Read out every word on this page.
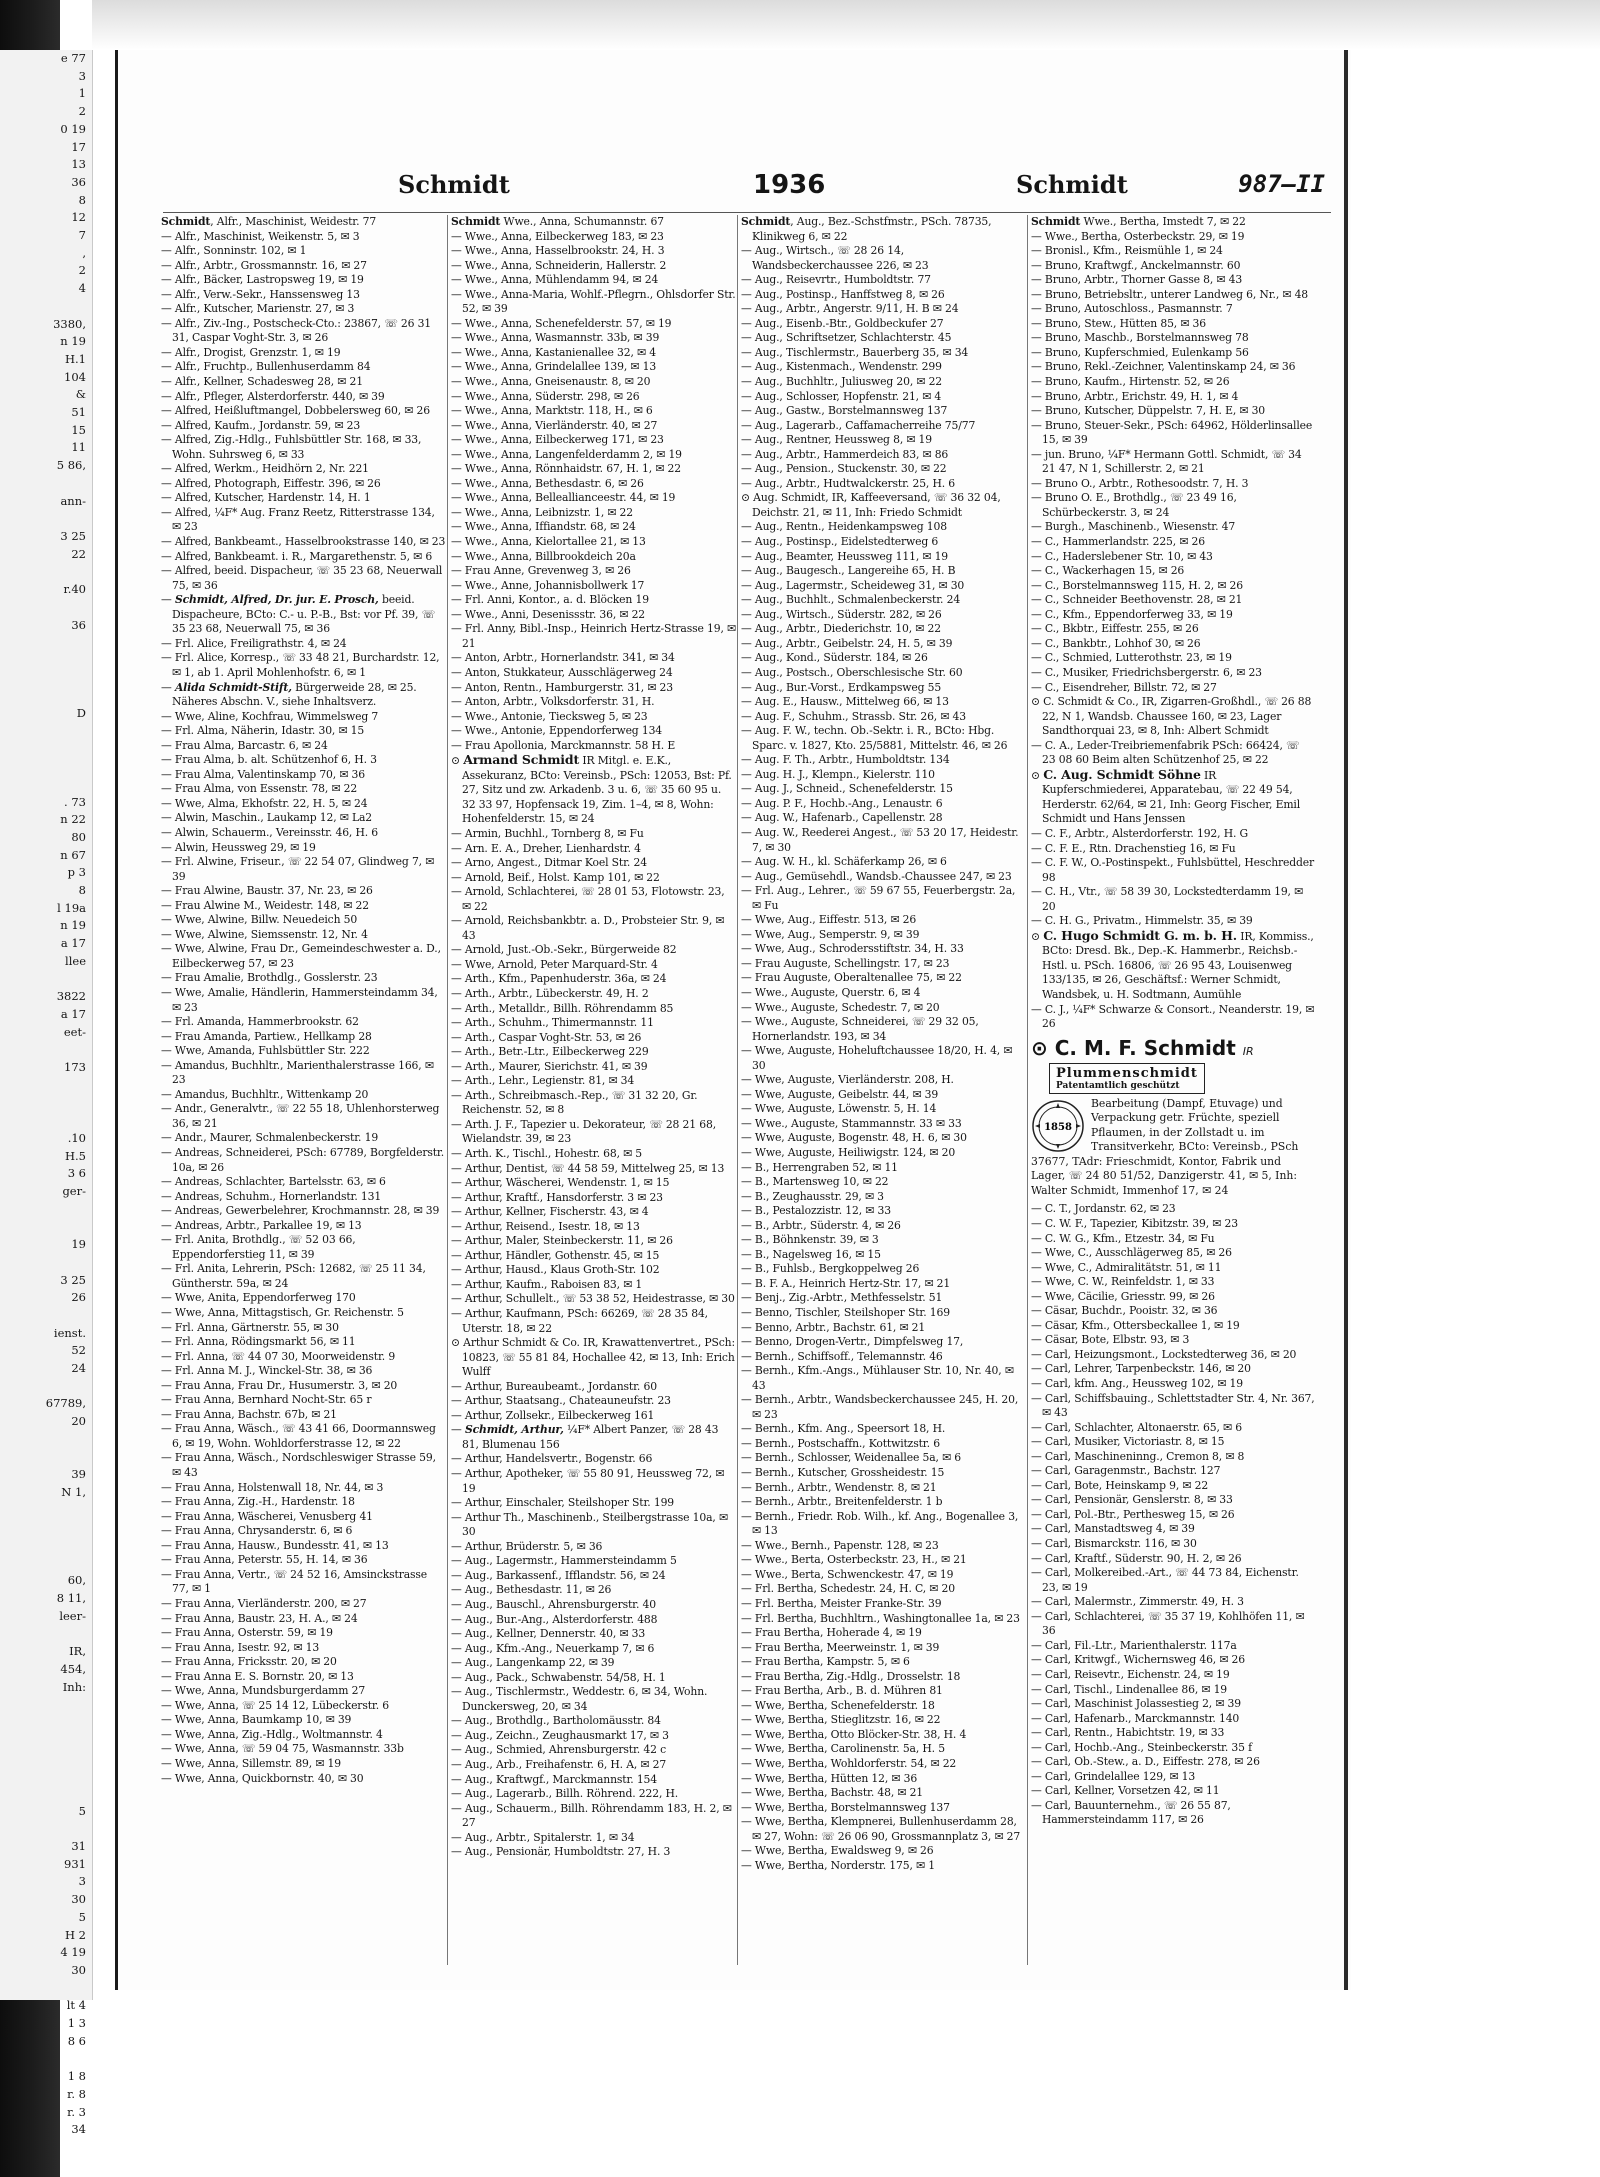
e 77
3
1
2
0 19
17
13
36
8
12
7
,
2
4

3380,
n 19
H.1
104
&
51
15
11
5 86,

ann-

3 25
22

r.40

36

D

. 73
n 22
80
n 67
p 3
8
l 19a
n 19
a 17
llee

3822
a 17
eet-

173

.10
H.5
3 6
ger-

19

3 25
26

ienst.
52
24

67789,
20

39
N 1,

60,
8 11,
leer-

IR,
454,
Inh:

5

31
931
3
30
5
H 2
4 19
30

lt 4
1 3
8 6

1 8
r. 8
r. 3
34
Schmidt	1936	Schmidt	987—II
Schmidt, Alfr., Maschinist, Weidestr. 77
— Alfr., Maschinist, Weikenstr. 5, ✉ 3
— Alfr., Sonninstr. 102, ✉ 1
— Alfr., Arbtr., Grossmannstr. 16, ✉ 27
— Alfr., Bäcker, Lastropsweg 19, ✉ 19
— Alfr., Verw.-Sekr., Hanssensweg 13
— Alfr., Kutscher, Marienstr. 27, ✉ 3
— Alfr., Ziv.-Ing., Postscheck-Cto.: 23867, ☏ 26 31 31, Caspar Voght-Str. 3, ✉ 26
— Alfr., Drogist, Grenzstr. 1, ✉ 19
— Alfr., Fruchtp., Bullenhuserdamm 84
— Alfr., Kellner, Schadesweg 28, ✉ 21
— Alfr., Pfleger, Alsterdorferstr. 440, ✉ 39
— Alfred, Heißluftmangel, Dobbelersweg 60, ✉ 26
— Alfred, Kaufm., Jordanstr. 59, ✉ 23
— Alfred, Zig.-Hdlg., Fuhlsbüttler Str. 168, ✉ 33, Wohn. Suhrsweg 6, ✉ 33
— Alfred, Werkm., Heidhörn 2, Nr. 221
— Alfred, Photograph, Eiffestr. 396, ✉ 26
— Alfred, Kutscher, Hardenstr. 14, H. 1
— Alfred, ¼F* Aug. Franz Reetz, Ritterstrasse 134, ✉ 23
— Alfred, Bankbeamt., Hasselbrookstrasse 140, ✉ 23
— Alfred, Bankbeamt. i. R., Margarethenstr. 5, ✉ 6
— Alfred, beeid. Dispacheur, ☏ 35 23 68, Neuerwall 75, ✉ 36
— Schmidt, Alfred, Dr. jur. E. Prosch, beeid. Dispacheure, BCto: C.- u. P.-B., Bst: vor Pf. 39, ☏ 35 23 68, Neuerwall 75, ✉ 36
— Frl. Alice, Freiligrathstr. 4, ✉ 24
— Frl. Alice, Korresp., ☏ 33 48 21, Burchardstr. 12, ✉ 1, ab 1. April Mohlenhofstr. 6, ✉ 1
— Alida Schmidt-Stift, Bürgerweide 28, ✉ 25. Näheres Abschn. V., siehe Inhaltsverz.
— Wwe, Aline, Kochfrau, Wimmelsweg 7
— Frl. Alma, Näherin, Idastr. 30, ✉ 15
— Frau Alma, Barcastr. 6, ✉ 24
— Frau Alma, b. alt. Schützenhof 6, H. 3
— Frau Alma, Valentinskamp 70, ✉ 36
— Frau Alma, von Essenstr. 78, ✉ 22
— Wwe, Alma, Ekhofstr. 22, H. 5, ✉ 24
— Alwin, Maschin., Laukamp 12, ✉ La2
— Alwin, Schauerm., Vereinsstr. 46, H. 6
— Alwin, Heussweg 29, ✉ 19
— Frl. Alwine, Friseur., ☏ 22 54 07, Glindweg 7, ✉ 39
— Frau Alwine, Baustr. 37, Nr. 23, ✉ 26
— Frau Alwine M., Weidestr. 148, ✉ 22
— Wwe, Alwine, Billw. Neuedeich 50
— Wwe, Alwine, Siemssenstr. 12, Nr. 4
— Wwe, Alwine, Frau Dr., Gemeindeschwester a. D., Eilbeckerweg 57, ✉ 23
— Frau Amalie, Brothdlg., Gosslerstr. 23
— Wwe, Amalie, Händlerin, Hammersteindamm 34, ✉ 23
— Frl. Amanda, Hammerbrookstr. 62
— Frau Amanda, Partiew., Hellkamp 28
— Wwe, Amanda, Fuhlsbüttler Str. 222
— Amandus, Buchhltr., Marienthalerstrasse 166, ✉ 23
— Amandus, Buchhltr., Wittenkamp 20
— Andr., Generalvtr., ☏ 22 55 18, Uhlenhorsterweg 36, ✉ 21
— Andr., Maurer, Schmalenbeckerstr. 19
— Andreas, Schneiderei, PSch: 67789, Borgfelderstr. 10a, ✉ 26
— Andreas, Schlachter, Bartelsstr. 63, ✉ 6
— Andreas, Schuhm., Hornerlandstr. 131
— Andreas, Gewerbelehrer, Krochmannstr. 28, ✉ 39
— Andreas, Arbtr., Parkallee 19, ✉ 13
— Frl. Anita, Brothdlg., ☏ 52 03 66, Eppendorferstieg 11, ✉ 39
— Frl. Anita, Lehrerin, PSch: 12682, ☏ 25 11 34, Güntherstr. 59a, ✉ 24
— Wwe, Anita, Eppendorferweg 170
— Wwe, Anna, Mittagstisch, Gr. Reichenstr. 5
— Frl. Anna, Gärtnerstr. 55, ✉ 30
— Frl. Anna, Rödingsmarkt 56, ✉ 11
— Frl. Anna, ☏ 44 07 30, Moorweidenstr. 9
— Frl. Anna M. J., Winckel-Str. 38, ✉ 36
— Frau Anna, Frau Dr., Husumerstr. 3, ✉ 20
— Frau Anna, Bernhard Nocht-Str. 65 r
— Frau Anna, Bachstr. 67b, ✉ 21
— Frau Anna, Wäsch., ☏ 43 41 66, Doormannsweg 6, ✉ 19, Wohn. Wohldorferstrasse 12, ✉ 22
— Frau Anna, Wäsch., Nordschleswiger Strasse 59, ✉ 43
— Frau Anna, Holstenwall 18, Nr. 44, ✉ 3
— Frau Anna, Zig.-H., Hardenstr. 18
— Frau Anna, Wäscherei, Venusberg 41
— Frau Anna, Chrysanderstr. 6, ✉ 6
— Frau Anna, Hausw., Bundesstr. 41, ✉ 13
— Frau Anna, Peterstr. 55, H. 14, ✉ 36
— Frau Anna, Vertr., ☏ 24 52 16, Amsinckstrasse 77, ✉ 1
— Frau Anna, Vierländerstr. 200, ✉ 27
— Frau Anna, Baustr. 23, H. A., ✉ 24
— Frau Anna, Osterstr. 59, ✉ 19
— Frau Anna, Isestr. 92, ✉ 13
— Frau Anna, Fricksstr. 20, ✉ 20
— Frau Anna E. S. Bornstr. 20, ✉ 13
— Wwe, Anna, Mundsburgerdamm 27
— Wwe, Anna, ☏ 25 14 12, Lübeckerstr. 6
— Wwe, Anna, Baumkamp 10, ✉ 39
— Wwe, Anna, Zig.-Hdlg., Woltmannstr. 4
— Wwe, Anna, ☏ 59 04 75, Wasmannstr. 33b
— Wwe, Anna, Sillemstr. 89, ✉ 19
— Wwe, Anna, Quickbornstr. 40, ✉ 30
Schmidt Wwe., Anna, Schumannstr. 67
— Wwe., Anna, Eilbeckerweg 183, ✉ 23
— Wwe., Anna, Hasselbrookstr. 24, H. 3
— Wwe., Anna, Schneiderin, Hallerstr. 2
— Wwe., Anna, Mühlendamm 94, ✉ 24
— Wwe., Anna-Maria, Wohlf.-Pflegrn., Ohlsdorfer Str. 52, ✉ 39
— Wwe., Anna, Schenefelderstr. 57, ✉ 19
— Wwe., Anna, Wasmannstr. 33b, ✉ 39
— Wwe., Anna, Kastanienallee 32, ✉ 4
— Wwe., Anna, Grindelallee 139, ✉ 13
— Wwe., Anna, Gneisenaustr. 8, ✉ 20
— Wwe., Anna, Süderstr. 298, ✉ 26
— Wwe., Anna, Marktstr. 118, H., ✉ 6
— Wwe., Anna, Vierländerstr. 40, ✉ 27
— Wwe., Anna, Eilbeckerweg 171, ✉ 23
— Wwe., Anna, Langenfelderdamm 2, ✉ 19
— Wwe., Anna, Rönnhaidstr. 67, H. 1, ✉ 22
— Wwe., Anna, Bethesdastr. 6, ✉ 26
— Wwe., Anna, Belleallianceestr. 44, ✉ 19
— Wwe., Anna, Leibnizstr. 1, ✉ 22
— Wwe., Anna, Iffiandstr. 68, ✉ 24
— Wwe., Anna, Kielortallee 21, ✉ 13
— Wwe., Anna, Billbrookdeich 20a
— Frau Anne, Grevenweg 3, ✉ 26
— Wwe., Anne, Johannisbollwerk 17
— Frl. Anni, Kontor., a. d. Blöcken 19
— Wwe., Anni, Desenissstr. 36, ✉ 22
— Frl. Anny, Bibl.-Insp., Heinrich Hertz-Strasse 19, ✉ 21
— Anton, Arbtr., Hornerlandstr. 341, ✉ 34
— Anton, Stukkateur, Ausschlägerweg 24
— Anton, Rentn., Hamburgerstr. 31, ✉ 23
— Anton, Arbtr., Volksdorferstr. 31, H.
— Wwe., Antonie, Tiecksweg 5, ✉ 23
— Wwe., Antonie, Eppendorferweg 134
— Frau Apollonia, Marckmannstr. 58 H. E
⊙ Armand Schmidt IR Mitgl. e. E.K., Assekuranz, BCto: Vereinsb., PSch: 12053, Bst: Pf. 27, Sitz und zw. Arkadenb. 3 u. 6, ☏ 35 60 95 u. 32 33 97, Hopfensack 19, Zim. 1–4, ✉ 8, Wohn: Hohenfelderstr. 15, ✉ 24
— Armin, Buchhl., Tornberg 8, ✉ Fu
— Arn. E. A., Dreher, Lienhardstr. 4
— Arno, Angest., Ditmar Koel Str. 24
— Arnold, Beif., Holst. Kamp 101, ✉ 22
— Arnold, Schlachterei, ☏ 28 01 53, Flotowstr. 23, ✉ 22
— Arnold, Reichsbankbtr. a. D., Probsteier Str. 9, ✉ 43
— Arnold, Just.-Ob.-Sekr., Bürgerweide 82
— Wwe, Arnold, Peter Marquard-Str. 4
— Arth., Kfm., Papenhuderstr. 36a, ✉ 24
— Arth., Arbtr., Lübeckerstr. 49, H. 2
— Arth., Metalldr., Billh. Röhrendamm 85
— Arth., Schuhm., Thimermannstr. 11
— Arth., Caspar Voght-Str. 53, ✉ 26
— Arth., Betr.-Ltr., Eilbeckerweg 229
— Arth., Maurer, Sierichstr. 41, ✉ 39
— Arth., Lehr., Legienstr. 81, ✉ 34
— Arth., Schreibmasch.-Rep., ☏ 31 32 20, Gr. Reichenstr. 52, ✉ 8
— Arth. J. F., Tapezier u. Dekorateur, ☏ 28 21 68, Wielandstr. 39, ✉ 23
— Arth. K., Tischl., Hohestr. 68, ✉ 5
— Arthur, Dentist, ☏ 44 58 59, Mittelweg 25, ✉ 13
— Arthur, Wäscherei, Wendenstr. 1, ✉ 15
— Arthur, Kraftf., Hansdorferstr. 3 ✉ 23
— Arthur, Kellner, Fischerstr. 43, ✉ 4
— Arthur, Reisend., Isestr. 18, ✉ 13
— Arthur, Maler, Steinbeckerstr. 11, ✉ 26
— Arthur, Händler, Gothenstr. 45, ✉ 15
— Arthur, Hausd., Klaus Groth-Str. 102
— Arthur, Kaufm., Raboisen 83, ✉ 1
— Arthur, Schullelt., ☏ 53 38 52, Heidestrasse, ✉ 30
— Arthur, Kaufmann, PSch: 66269, ☏ 28 35 84, Uterstr. 18, ✉ 22
⊙ Arthur Schmidt & Co. IR, Krawattenvertret., PSch: 10823, ☏ 55 81 84, Hochallee 42, ✉ 13, Inh: Erich Wulff
— Arthur, Bureaubeamt., Jordanstr. 60
— Arthur, Staatsang., Chateauneufstr. 23
— Arthur, Zollsekr., Eilbeckerweg 161
— Schmidt, Arthur, ¼F* Albert Panzer, ☏ 28 43 81, Blumenau 156
— Arthur, Handelsvertr., Bogenstr. 66
— Arthur, Apotheker, ☏ 55 80 91, Heussweg 72, ✉ 19
— Arthur, Einschaler, Steilshoper Str. 199
— Arthur Th., Maschinenb., Steilbergstrasse 10a, ✉ 30
— Arthur, Brüderstr. 5, ✉ 36
— Aug., Lagermstr., Hammersteindamm 5
— Aug., Barkassenf., Ifflandstr. 56, ✉ 24
— Aug., Bethesdastr. 11, ✉ 26
— Aug., Bauschl., Ahrensburgerstr. 40
— Aug., Bur.-Ang., Alsterdorferstr. 488
— Aug., Kellner, Dennerstr. 40, ✉ 33
— Aug., Kfm.-Ang., Neuerkamp 7, ✉ 6
— Aug., Langenkamp 22, ✉ 39
— Aug., Pack., Schwabenstr. 54/58, H. 1
— Aug., Tischlermstr., Weddestr. 6, ✉ 34, Wohn. Dunckersweg, 20, ✉ 34
— Aug., Brothdlg., Bartholomäusstr. 84
— Aug., Zeichn., Zeughausmarkt 17, ✉ 3
— Aug., Schmied, Ahrensburgerstr. 42 c
— Aug., Arb., Freihafenstr. 6, H. A, ✉ 27
— Aug., Kraftwgf., Marckmannstr. 154
— Aug., Lagerarb., Billh. Röhrend. 222, H.
— Aug., Schauerm., Billh. Röhrendamm 183, H. 2, ✉ 27
— Aug., Arbtr., Spitalerstr. 1, ✉ 34
— Aug., Pensionär, Humboldtstr. 27, H. 3
Schmidt, Aug., Bez.-Schstfmstr., PSch. 78735, Klinikweg 6, ✉ 22
— Aug., Wirtsch., ☏ 28 26 14, Wandsbeckerchaussee 226, ✉ 23
— Aug., Reisevrtr., Humboldtstr. 77
— Aug., Postinsp., Hanffstweg 8, ✉ 26
— Aug., Arbtr., Angerstr. 9/11, H. B ✉ 24
— Aug., Eisenb.-Btr., Goldbeckufer 27
— Aug., Schriftsetzer, Schlachterstr. 45
— Aug., Tischlermstr., Bauerberg 35, ✉ 34
— Aug., Kistenmach., Wendenstr. 299
— Aug., Buchhltr., Juliusweg 20, ✉ 22
— Aug., Schlosser, Hopfenstr. 21, ✉ 4
— Aug., Gastw., Borstelmannsweg 137
— Aug., Lagerarb., Caffamacherreihe 75/77
— Aug., Rentner, Heussweg 8, ✉ 19
— Aug., Arbtr., Hammerdeich 83, ✉ 86
— Aug., Pension., Stuckenstr. 30, ✉ 22
— Aug., Arbtr., Hudtwalckerstr. 25, H. 6
⊙ Aug. Schmidt, IR, Kaffeeversand, ☏ 36 32 04, Deichstr. 21, ✉ 11, Inh: Friedo Schmidt
— Aug., Rentn., Heidenkampsweg 108
— Aug., Postinsp., Eidelstedterweg 6
— Aug., Beamter, Heussweg 111, ✉ 19
— Aug., Baugesch., Langereihe 65, H. B
— Aug., Lagermstr., Scheideweg 31, ✉ 30
— Aug., Buchhlt., Schmalenbeckerstr. 24
— Aug., Wirtsch., Süderstr. 282, ✉ 26
— Aug., Arbtr., Diederichstr. 10, ✉ 22
— Aug., Arbtr., Geibelstr. 24, H. 5, ✉ 39
— Aug., Kond., Süderstr. 184, ✉ 26
— Aug., Postsch., Oberschlesische Str. 60
— Aug., Bur.-Vorst., Erdkampsweg 55
— Aug. E., Hausw., Mittelweg 66, ✉ 13
— Aug. F., Schuhm., Strassb. Str. 26, ✉ 43
— Aug. F. W., techn. Ob.-Sektr. i. R., BCto: Hbg. Sparc. v. 1827, Kto. 25/5881, Mittelstr. 46, ✉ 26
— Aug. F. Th., Arbtr., Humboldtstr. 134
— Aug. H. J., Klempn., Kielerstr. 110
— Aug. J., Schneid., Schenefelderstr. 15
— Aug. P. F., Hochb.-Ang., Lenaustr. 6
— Aug. W., Hafenarb., Capellenstr. 28
— Aug. W., Reederei Angest., ☏ 53 20 17, Heidestr. 7, ✉ 30
— Aug. W. H., kl. Schäferkamp 26, ✉ 6
— Aug., Gemüsehdl., Wandsb.-Chaussee 247, ✉ 23
— Frl. Aug., Lehrer., ☏ 59 67 55, Feuerbergstr. 2a, ✉ Fu
— Wwe, Aug., Eiffestr. 513, ✉ 26
— Wwe, Aug., Semperstr. 9, ✉ 39
— Wwe, Aug., Schrodersstiftstr. 34, H. 33
— Frau Auguste, Schellingstr. 17, ✉ 23
— Frau Auguste, Oberaltenallee 75, ✉ 22
— Wwe., Auguste, Querstr. 6, ✉ 4
— Wwe., Auguste, Schedestr. 7, ✉ 20
— Wwe., Auguste, Schneiderei, ☏ 29 32 05, Hornerlandstr. 193, ✉ 34
— Wwe, Auguste, Hoheluftchaussee 18/20, H. 4, ✉ 30
— Wwe, Auguste, Vierländerstr. 208, H.
— Wwe, Auguste, Geibelstr. 44, ✉ 39
— Wwe, Auguste, Löwenstr. 5, H. 14
— Wwe., Auguste, Stammannstr. 33 ✉ 33
— Wwe, Auguste, Bogenstr. 48, H. 6, ✉ 30
— Wwe, Auguste, Heiliwigstr. 124, ✉ 20
— B., Herrengraben 52, ✉ 11
— B., Martensweg 10, ✉ 22
— B., Zeughausstr. 29, ✉ 3
— B., Pestalozzistr. 12, ✉ 33
— B., Arbtr., Süderstr. 4, ✉ 26
— B., Böhnkenstr. 39, ✉ 3
— B., Nagelsweg 16, ✉ 15
— B., Fuhlsb., Bergkoppelweg 26
— B. F. A., Heinrich Hertz-Str. 17, ✉ 21
— Benj., Zig.-Arbtr., Methfesselstr. 51
— Benno, Tischler, Steilshoper Str. 169
— Benno, Arbtr., Bachstr. 61, ✉ 21
— Benno, Drogen-Vertr., Dimpfelsweg 17,
— Bernh., Schiffsoff., Telemannstr. 46
— Bernh., Kfm.-Angs., Mühlauser Str. 10, Nr. 40, ✉ 43
— Bernh., Arbtr., Wandsbeckerchaussee 245, H. 20, ✉ 23
— Bernh., Kfm. Ang., Speersort 18, H.
— Bernh., Postschaffn., Kottwitzstr. 6
— Bernh., Schlosser, Weidenallee 5a, ✉ 6
— Bernh., Kutscher, Grossheidestr. 15
— Bernh., Arbtr., Wendenstr. 8, ✉ 21
— Bernh., Arbtr., Breitenfelderstr. 1 b
— Bernh., Friedr. Rob. Wilh., kf. Ang., Bogenallee 3, ✉ 13
— Wwe., Bernh., Papenstr. 128, ✉ 23
— Wwe., Berta, Osterbeckstr. 23, H., ✉ 21
— Wwe., Berta, Schwenckestr. 47, ✉ 19
— Frl. Bertha, Schedestr. 24, H. C, ✉ 20
— Frl. Bertha, Meister Franke-Str. 39
— Frl. Bertha, Buchhltrn., Washingtonallee 1a, ✉ 23
— Frau Bertha, Hoherade 4, ✉ 19
— Frau Bertha, Meerweinstr. 1, ✉ 39
— Frau Bertha, Kampstr. 5, ✉ 6
— Frau Bertha, Zig.-Hdlg., Drosselstr. 18
— Frau Bertha, Arb., B. d. Mühren 81
— Wwe, Bertha, Schenefelderstr. 18
— Wwe, Bertha, Stieglitzstr. 16, ✉ 22
— Wwe, Bertha, Otto Blöcker-Str. 38, H. 4
— Wwe, Bertha, Carolinenstr. 5a, H. 5
— Wwe, Bertha, Wohldorferstr. 54, ✉ 22
— Wwe, Bertha, Hütten 12, ✉ 36
— Wwe, Bertha, Bachstr. 48, ✉ 21
— Wwe, Bertha, Borstelmannsweg 137
— Wwe, Bertha, Klempnerei, Bullenhuserdamm 28, ✉ 27, Wohn: ☏ 26 06 90, Grossmannplatz 3, ✉ 27
— Wwe, Bertha, Ewaldsweg 9, ✉ 26
— Wwe, Bertha, Norderstr. 175, ✉ 1
Schmidt Wwe., Bertha, Imstedt 7, ✉ 22
— Wwe., Bertha, Osterbeckstr. 29, ✉ 19
— Bronisl., Kfm., Reismühle 1, ✉ 24
— Bruno, Kraftwgf., Anckelmannstr. 60
— Bruno, Arbtr., Thorner Gasse 8, ✉ 43
— Bruno, Betriebsltr., unterer Landweg 6, Nr., ✉ 48
— Bruno, Autoschloss., Pasmannstr. 7
— Bruno, Stew., Hütten 85, ✉ 36
— Bruno, Maschb., Borstelmannsweg 78
— Bruno, Kupferschmied, Eulenkamp 56
— Bruno, Rekl.-Zeichner, Valentinskamp 24, ✉ 36
— Bruno, Kaufm., Hirtenstr. 52, ✉ 26
— Bruno, Arbtr., Erichstr. 49, H. 1, ✉ 4
— Bruno, Kutscher, Düppelstr. 7, H. E, ✉ 30
— Bruno, Steuer-Sekr., PSch: 64962, Hölderlinsallee 15, ✉ 39
— jun. Bruno, ¼F* Hermann Gottl. Schmidt, ☏ 34 21 47, N 1, Schillerstr. 2, ✉ 21
— Bruno O., Arbtr., Rothesoodstr. 7, H. 3
— Bruno O. E., Brothdlg., ☏ 23 49 16, Schürbeckerstr. 3, ✉ 24
— Burgh., Maschinenb., Wiesenstr. 47
— C., Hammerlandstr. 225, ✉ 26
— C., Haderslebener Str. 10, ✉ 43
— C., Wackerhagen 15, ✉ 26
— C., Borstelmannsweg 115, H. 2, ✉ 26
— C., Schneider Beethovenstr. 28, ✉ 21
— C., Kfm., Eppendorferweg 33, ✉ 19
— C., Bkbtr., Eiffestr. 255, ✉ 26
— C., Bankbtr., Lohhof 30, ✉ 26
— C., Schmied, Lutterothstr. 23, ✉ 19
— C., Musiker, Friedrichsbergerstr. 6, ✉ 23
— C., Eisendreher, Billstr. 72, ✉ 27
⊙ C. Schmidt & Co., IR, Zigarren-Großhdl., ☏ 26 88 22, N 1, Wandsb. Chaussee 160, ✉ 23, Lager Sandthorquai 23, ✉ 8, Inh: Albert Schmidt
— C. A., Leder-Treibriemenfabrik PSch: 66424, ☏ 23 08 60 Beim alten Schützenhof 25, ✉ 22
⊙ C. Aug. Schmidt Söhne IR Kupferschmiederei, Apparatebau, ☏ 22 49 54, Herderstr. 62/64, ✉ 21, Inh: Georg Fischer, Emil Schmidt und Hans Jenssen
— C. F., Arbtr., Alsterdorferstr. 192, H. G
— C. F. E., Rtn. Drachenstieg 16, ✉ Fu
— C. F. W., O.-Postinspekt., Fuhlsbüttel, Heschredder 98
— C. H., Vtr., ☏ 58 39 30, Lockstedterdamm 19, ✉ 20
— C. H. G., Privatm., Himmelstr. 35, ✉ 39
⊙ C. Hugo Schmidt G. m. b. H. IR, Kommiss., BCto: Dresd. Bk., Dep.-K. Hammerbr., Reichsb.-Hstl. u. PSch. 16806, ☏ 26 95 43, Louisenweg 133/135, ✉ 26, Geschäftsf.: Werner Schmidt, Wandsbek, u. H. Sodtmann, Aumühle
— C. J., ¼F* Schwarze & Consort., Neanderstr. 19, ✉ 26
⊙ C. M. F. Schmidt IR
Plummenschmidt
Patentamtlich geschützt
1858
Bearbeitung (Dampf, Etuvage) und Verpackung getr. Früchte, speziell Pflaumen, in der Zollstadt u. im Transitverkehr, BCto: Vereinsb., PSch 37677, TAdr: Frieschmidt, Kontor, Fabrik und Lager, ☏ 24 80 51/52, Danzigerstr. 41, ✉ 5, Inh: Walter Schmidt, Immenhof 17, ✉ 24
— C. T., Jordanstr. 62, ✉ 23
— C. W. F., Tapezier, Kibitzstr. 39, ✉ 23
— C. W. G., Kfm., Etzestr. 34, ✉ Fu
— Wwe, C., Ausschlägerweg 85, ✉ 26
— Wwe, C., Admiralitätstr. 51, ✉ 11
— Wwe, C. W., Reinfeldstr. 1, ✉ 33
— Wwe, Cäcilie, Griesstr. 99, ✉ 26
— Cäsar, Buchdr., Pooistr. 32, ✉ 36
— Cäsar, Kfm., Ottersbeckallee 1, ✉ 19
— Cäsar, Bote, Elbstr. 93, ✉ 3
— Carl, Heizungsmont., Lockstedterweg 36, ✉ 20
— Carl, Lehrer, Tarpenbeckstr. 146, ✉ 20
— Carl, kfm. Ang., Heussweg 102, ✉ 19
— Carl, Schiffsbauing., Schlettstadter Str. 4, Nr. 367, ✉ 43
— Carl, Schlachter, Altonaerstr. 65, ✉ 6
— Carl, Musiker, Victoriastr. 8, ✉ 15
— Carl, Maschineninng., Cremon 8, ✉ 8
— Carl, Garagenmstr., Bachstr. 127
— Carl, Bote, Heinskamp 9, ✉ 22
— Carl, Pensionär, Genslerstr. 8, ✉ 33
— Carl, Pol.-Btr., Perthesweg 15, ✉ 26
— Carl, Manstadtsweg 4, ✉ 39
— Carl, Bismarckstr. 116, ✉ 30
— Carl, Kraftf., Süderstr. 90, H. 2, ✉ 26
— Carl, Molkereibed.-Art., ☏ 44 73 84, Eichenstr. 23, ✉ 19
— Carl, Malermstr., Zimmerstr. 49, H. 3
— Carl, Schlachterei, ☏ 35 37 19, Kohlhöfen 11, ✉ 36
— Carl, Fil.-Ltr., Marienthalerstr. 117a
— Carl, Kritwgf., Wichernsweg 46, ✉ 26
— Carl, Reisevtr., Eichenstr. 24, ✉ 19
— Carl, Tischl., Lindenallee 86, ✉ 19
— Carl, Maschinist Jolassestieg 2, ✉ 39
— Carl, Hafenarb., Marckmannstr. 140
— Carl, Rentn., Habichtstr. 19, ✉ 33
— Carl, Hochb.-Ang., Steinbeckerstr. 35 f
— Carl, Ob.-Stew., a. D., Eiffestr. 278, ✉ 26
— Carl, Grindelallee 129, ✉ 13
— Carl, Kellner, Vorsetzen 42, ✉ 11
— Carl, Bauunternehm., ☏ 26 55 87, Hammersteindamm 117, ✉ 26
